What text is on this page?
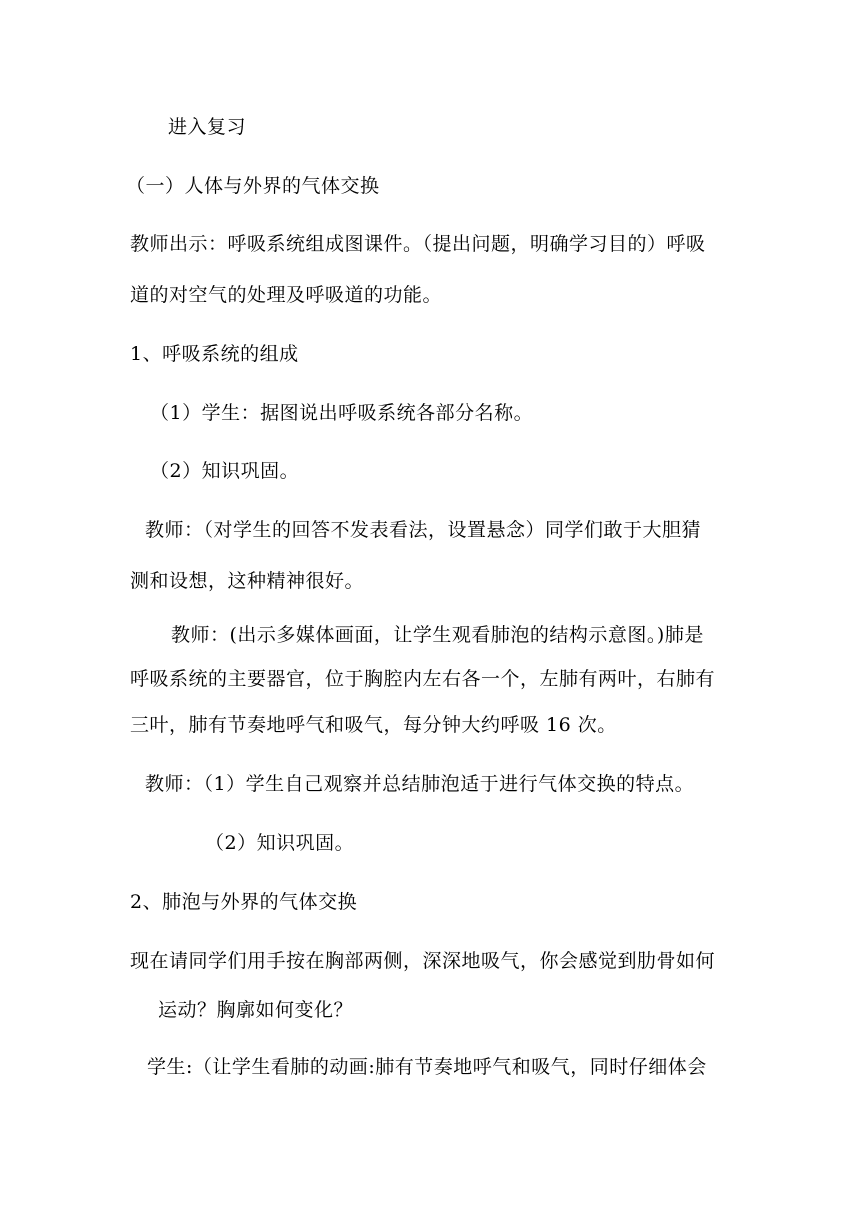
进入复习
（一）人体与外界的气体交换
教师出示：呼吸系统组成图课件。（提出问题，明确学习目的）呼吸
道的对空气的处理及呼吸道的功能。
1、呼吸系统的组成
（1）学生：据图说出呼吸系统各部分名称。
（2）知识巩固。
教师：（对学生的回答不发表看法，设置悬念）同学们敢于大胆猜
测和设想，这种精神很好。
教师：(出示多媒体画面，让学生观看肺泡的结构示意图。)肺是
呼吸系统的主要器官，位于胸腔内左右各一个，左肺有两叶，右肺有
三叶，肺有节奏地呼气和吸气，每分钟大约呼吸 16 次。
教师：（1）学生自己观察并总结肺泡适于进行气体交换的特点。
（2）知识巩固。
2、肺泡与外界的气体交换
现在请同学们用手按在胸部两侧，深深地吸气，你会感觉到肋骨如何
运动？胸廓如何变化？
学生:（让学生看肺的动画:肺有节奏地呼气和吸气，同时仔细体会
